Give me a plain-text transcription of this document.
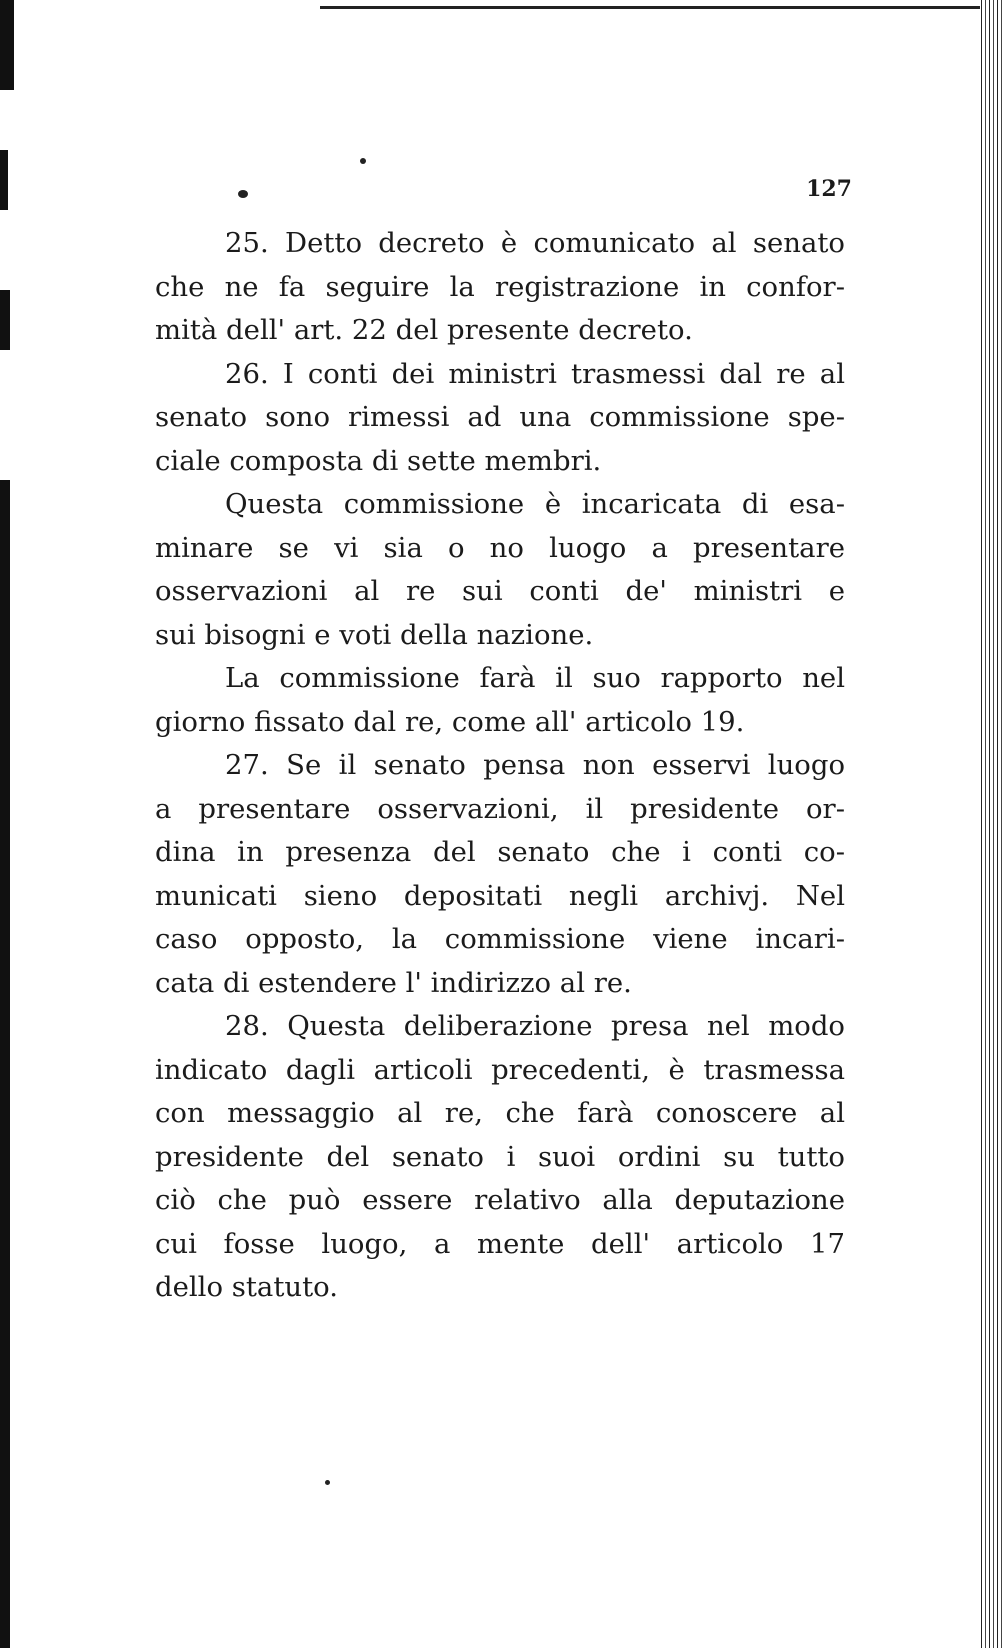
127
25. Detto decreto è comunicato al senato
che ne fa seguire la registrazione in confor-
mità dell' art. 22 del presente decreto.
26. I conti dei ministri trasmessi dal re al
senato sono rimessi ad una commissione spe-
ciale composta di sette membri.
Questa commissione è incaricata di esa-
minare se vi sia o no luogo a presentare
osservazioni al re sui conti de' ministri e
sui bisogni e voti della nazione.
La commissione farà il suo rapporto nel
giorno fissato dal re, come all' articolo 19.
27. Se il senato pensa non esservi luogo
a presentare osservazioni, il presidente or-
dina in presenza del senato che i conti co-
municati sieno depositati negli archivj. Nel
caso opposto, la commissione viene incari-
cata di estendere l' indirizzo al re.
28. Questa deliberazione presa nel modo
indicato dagli articoli precedenti, è trasmessa
con messaggio al re, che farà conoscere al
presidente del senato i suoi ordini su tutto
ciò che può essere relativo alla deputazione
cui fosse luogo, a mente dell' articolo 17
dello statuto.
